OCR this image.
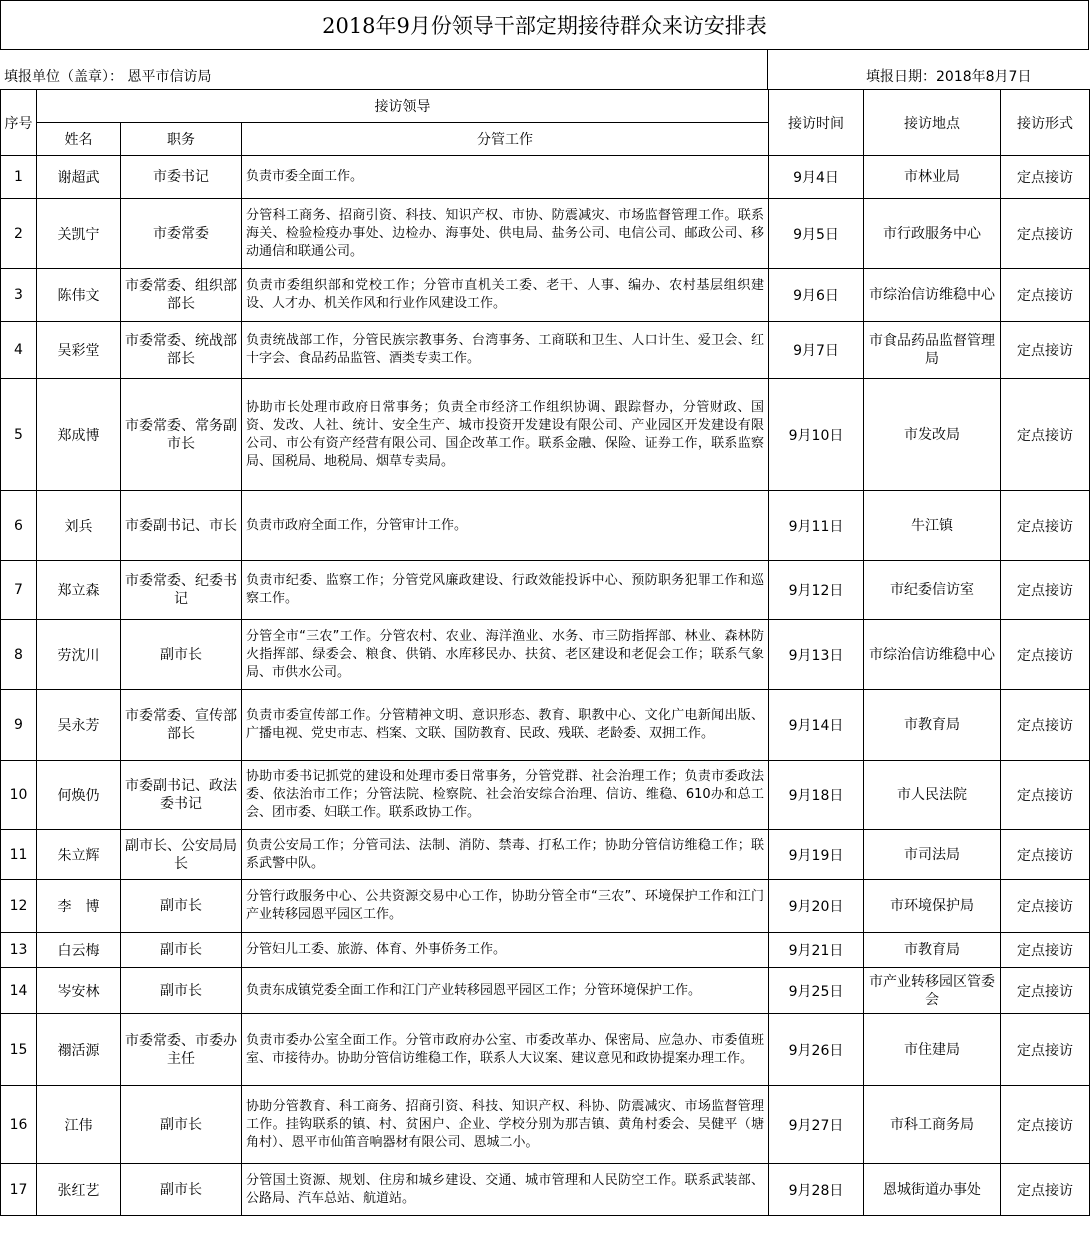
2018年9月份领导干部定期接待群众来访安排表
填报单位（盖章）： 恩平市信访局	填报日期：2018年8月7日
序号	接访领导			接访时间	接访地点	接访形式
	姓名	职务	分管工作			
1	谢超武	市委书记	负责市委全面工作。	9月4日	市林业局	定点接访
2	关凯宁	市委常委	分管科工商务、招商引资、科技、知识产权、市协、防震减灾、市场监督管理工作。联系海关、检验检疫办事处、边检办、海事处、供电局、盐务公司、电信公司、邮政公司、移动通信和联通公司。	9月5日	市行政服务中心	定点接访
3	陈伟文	市委常委、组织部部长	负责市委组织部和党校工作；分管市直机关工委、老干、人事、编办、农村基层组织建设、人才办、机关作风和行业作风建设工作。	9月6日	市综治信访维稳中心	定点接访
4	吴彩堂	市委常委、统战部部长	负责统战部工作，分管民族宗教事务、台湾事务、工商联和卫生、人口计生、爱卫会、红十字会、食品药品监管、酒类专卖工作。	9月7日	市食品药品监督管理局	定点接访
5	郑成博	市委常委、常务副市长	协助市长处理市政府日常事务；负责全市经济工作组织协调、跟踪督办，分管财政、国资、发改、人社、统计、安全生产、城市投资开发建设有限公司、产业园区开发建设有限公司、市公有资产经营有限公司、国企改革工作。联系金融、保险、证券工作，联系监察局、国税局、地税局、烟草专卖局。	9月10日	市发改局	定点接访
6	刘兵	市委副书记、市长	负责市政府全面工作，分管审计工作。	9月11日	牛江镇	定点接访
7	郑立森	市委常委、纪委书记	负责市纪委、监察工作；分管党风廉政建设、行政效能投诉中心、预防职务犯罪工作和巡察工作。	9月12日	市纪委信访室	定点接访
8	劳沈川	副市长	分管全市“三农”工作。分管农村、农业、海洋渔业、水务、市三防指挥部、林业、森林防火指挥部、绿委会、粮食、供销、水库移民办、扶贫、老区建设和老促会工作；联系气象局、市供水公司。	9月13日	市综治信访维稳中心	定点接访
9	吴永芳	市委常委、宣传部部长	负责市委宣传部工作。分管精神文明、意识形态、教育、职教中心、文化广电新闻出版、广播电视、党史市志、档案、文联、国防教育、民政、残联、老龄委、双拥工作。	9月14日	市教育局	定点接访
10	何焕仍	市委副书记、政法委书记	协助市委书记抓党的建设和处理市委日常事务，分管党群、社会治理工作；负责市委政法委、依法治市工作；分管法院、检察院、社会治安综合治理、信访、维稳、610办和总工会、团市委、妇联工作。联系政协工作。	9月18日	市人民法院	定点接访
11	朱立辉	副市长、公安局局长	负责公安局工作；分管司法、法制、消防、禁毒、打私工作；协助分管信访维稳工作；联系武警中队。	9月19日	市司法局	定点接访
12	李　博	副市长	分管行政服务中心、公共资源交易中心工作，协助分管全市“三农”、环境保护工作和江门产业转移园恩平园区工作。	9月20日	市环境保护局	定点接访
13	白云梅	副市长	分管妇儿工委、旅游、体育、外事侨务工作。	9月21日	市教育局	定点接访
14	岑安林	副市长	负责东成镇党委全面工作和江门产业转移园恩平园区工作；分管环境保护工作。	9月25日	市产业转移园区管委会	定点接访
15	禤活源	市委常委、市委办主任	负责市委办公室全面工作。分管市政府办公室、市委改革办、保密局、应急办、市委值班室、市接待办。协助分管信访维稳工作，联系人大议案、建议意见和政协提案办理工作。	9月26日	市住建局	定点接访
16	江伟	副市长	协助分管教育、科工商务、招商引资、科技、知识产权、科协、防震减灾、市场监督管理工作。挂钩联系的镇、村、贫困户、企业、学校分别为那吉镇、黄角村委会、吴健平（塘角村）、恩平市仙笛音响器材有限公司、恩城二小。	9月27日	市科工商务局	定点接访
17	张红艺	副市长	分管国土资源、规划、住房和城乡建设、交通、城市管理和人民防空工作。联系武装部、公路局、汽车总站、航道站。	9月28日	恩城街道办事处	定点接访
